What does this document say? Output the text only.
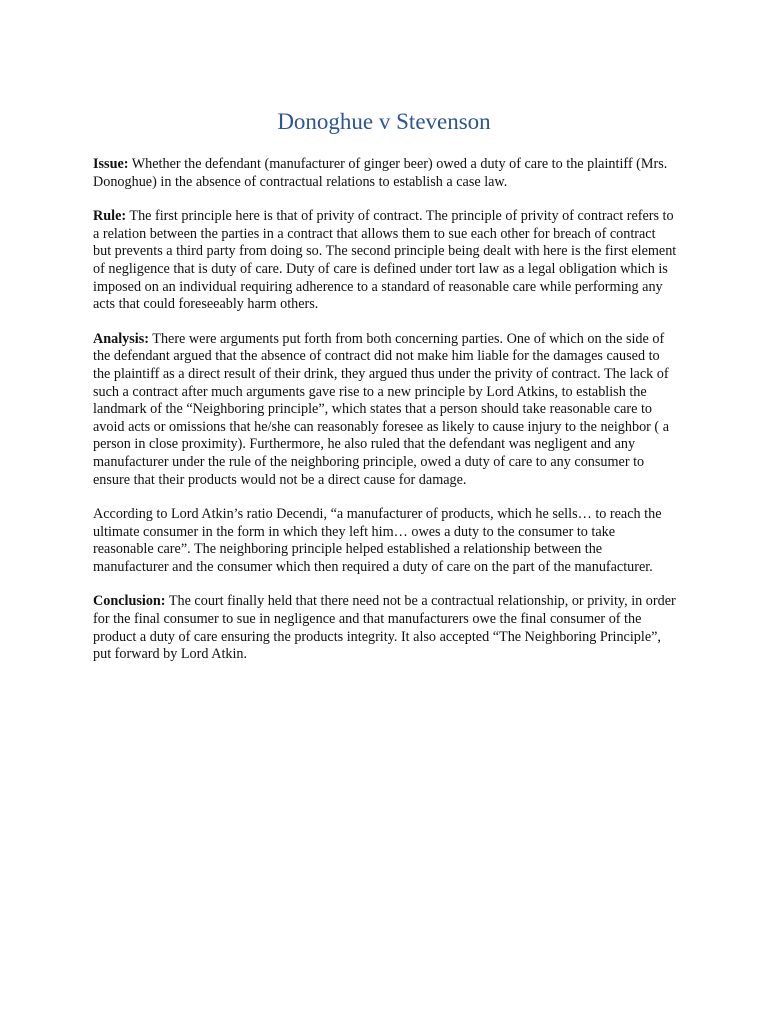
Donoghue v Stevenson

Issue: Whether the defendant (manufacturer of ginger beer) owed a duty of care to the plaintiff (Mrs. Donoghue) in the absence of contractual relations to establish a case law.

Rule: The first principle here is that of privity of contract. The principle of privity of contract refers to a relation between the parties in a contract that allows them to sue each other for breach of contract but prevents a third party from doing so. The second principle being dealt with here is the first element of negligence that is duty of care. Duty of care is defined under tort law as a legal obligation which is imposed on an individual requiring adherence to a standard of reasonable care while performing any acts that could foreseeably harm others.

Analysis: There were arguments put forth from both concerning parties. One of which on the side of the defendant argued that the absence of contract did not make him liable for the damages caused to the plaintiff as a direct result of their drink, they argued thus under the privity of contract. The lack of such a contract after much arguments gave rise to a new principle by Lord Atkins, to establish the landmark of the “Neighboring principle”, which states that a person should take reasonable care to avoid acts or omissions that he/she can reasonably foresee as likely to cause injury to the neighbor ( a person in close proximity). Furthermore, he also ruled that the defendant was negligent and any manufacturer under the rule of the neighboring principle, owed a duty of care to any consumer to ensure that their products would not be a direct cause for damage.

According to Lord Atkin’s ratio Decendi, “a manufacturer of products, which he sells… to reach the ultimate consumer in the form in which they left him… owes a duty to the consumer to take reasonable care”. The neighboring principle helped established a relationship between the manufacturer and the consumer which then required a duty of care on the part of the manufacturer.

Conclusion: The court finally held that there need not be a contractual relationship, or privity, in order for the final consumer to sue in negligence and that manufacturers owe the final consumer of the product a duty of care ensuring the products integrity. It also accepted “The Neighboring Principle”, put forward by Lord Atkin.
